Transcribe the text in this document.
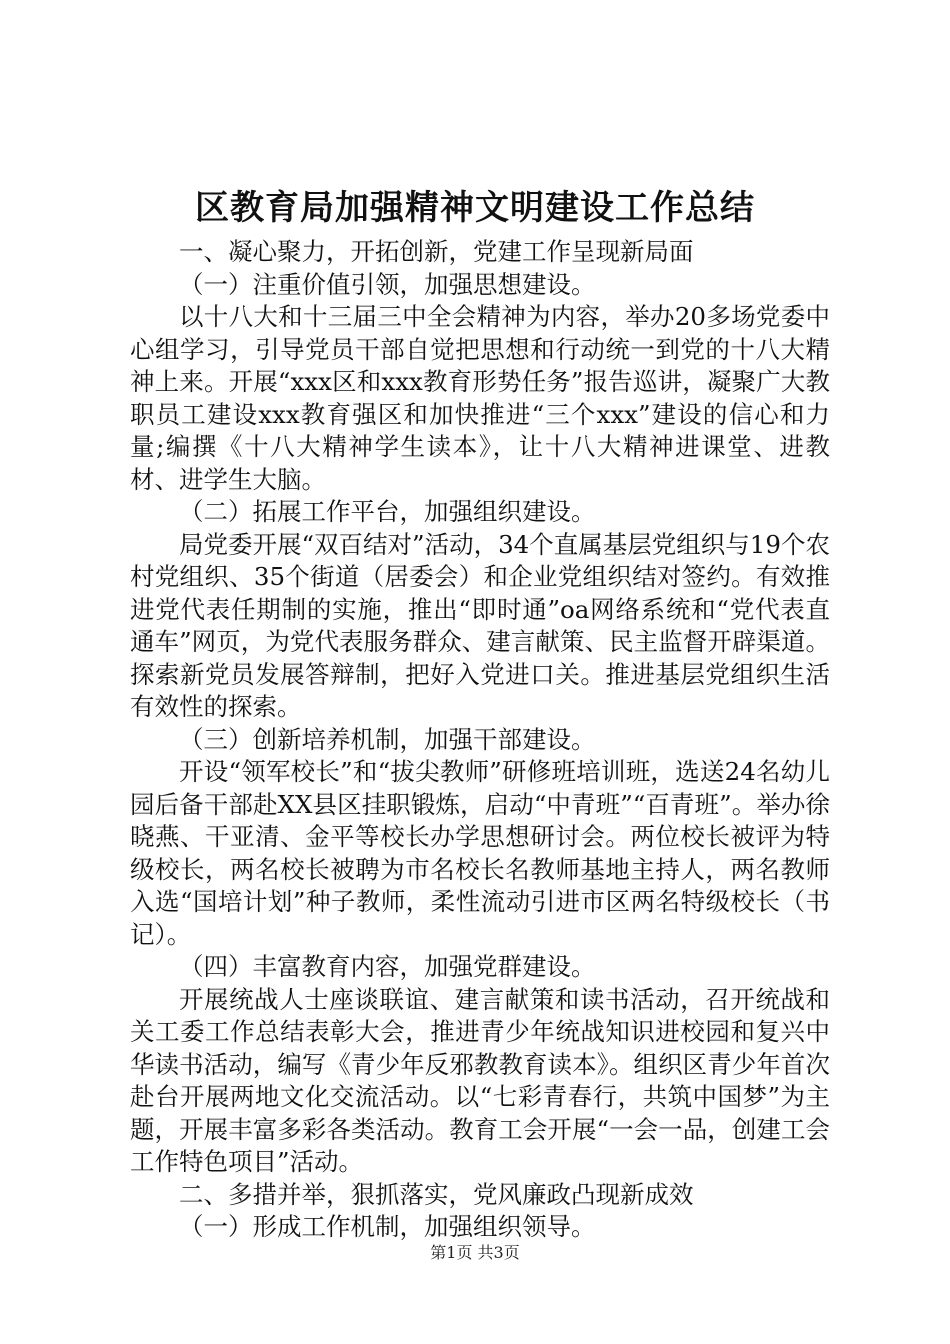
区教育局加强精神文明建设工作总结

一、凝心聚力，开拓创新，党建工作呈现新局面

（一）注重价值引领，加强思想建设。

以十八大和十三届三中全会精神为内容，举办20多场党委中心组学习，引导党员干部自觉把思想和行动统一到党的十八大精神上来。开展“xxx区和xxx教育形势任务”报告巡讲，凝聚广大教职员工建设xxx教育强区和加快推进“三个xxx”建设的信心和力量;编撰《十八大精神学生读本》，让十八大精神进课堂、进教材、进学生大脑。

（二）拓展工作平台，加强组织建设。

局党委开展“双百结对”活动，34个直属基层党组织与19个农村党组织、35个街道（居委会）和企业党组织结对签约。有效推进党代表任期制的实施，推出“即时通”oa网络系统和“党代表直通车”网页，为党代表服务群众、建言献策、民主监督开辟渠道。探索新党员发展答辩制，把好入党进口关。推进基层党组织生活有效性的探索。

（三）创新培养机制，加强干部建设。

开设“领军校长”和“拔尖教师”研修班培训班，选送24名幼儿园后备干部赴XX县区挂职锻炼，启动“中青班”“百青班”。举办徐晓燕、干亚清、金平等校长办学思想研讨会。两位校长被评为特级校长，两名校长被聘为市名校长名教师基地主持人，两名教师入选“国培计划”种子教师，柔性流动引进市区两名特级校长（书记）。

（四）丰富教育内容，加强党群建设。

开展统战人士座谈联谊、建言献策和读书活动，召开统战和关工委工作总结表彰大会，推进青少年统战知识进校园和复兴中华读书活动，编写《青少年反邪教教育读本》。组织区青少年首次赴台开展两地文化交流活动。以“七彩青春行，共筑中国梦”为主题，开展丰富多彩各类活动。教育工会开展“一会一品，创建工会工作特色项目”活动。

二、多措并举，狠抓落实，党风廉政凸现新成效

（一）形成工作机制，加强组织领导。

第1页 共3页
